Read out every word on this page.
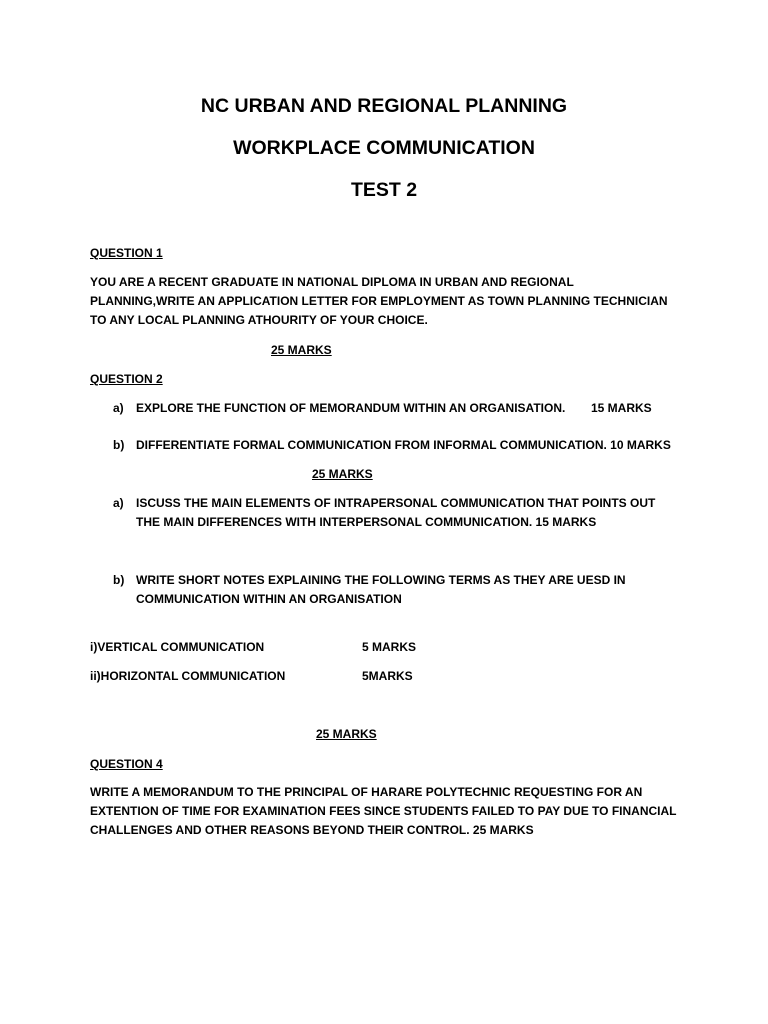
NC URBAN AND REGIONAL PLANNING
WORKPLACE COMMUNICATION
TEST 2
QUESTION 1
YOU ARE A RECENT GRADUATE IN NATIONAL DIPLOMA IN URBAN AND REGIONAL PLANNING,WRITE AN APPLICATION LETTER FOR EMPLOYMENT AS TOWN PLANNING TECHNICIAN TO ANY LOCAL PLANNING ATHOURITY OF YOUR CHOICE.
25 MARKS
QUESTION 2
a) EXPLORE THE FUNCTION OF MEMORANDUM WITHIN AN ORGANISATION. 15 MARKS
b) DIFFERENTIATE FORMAL COMMUNICATION FROM INFORMAL COMMUNICATION. 10 MARKS
25 MARKS
a) ISCUSS THE MAIN ELEMENTS OF INTRAPERSONAL COMMUNICATION THAT POINTS OUT THE MAIN DIFFERENCES WITH INTERPERSONAL COMMUNICATION. 15 MARKS
b) WRITE SHORT NOTES EXPLAINING THE FOLLOWING TERMS AS THEY ARE UESD IN COMMUNICATION WITHIN AN ORGANISATION
i)VERTICAL COMMUNICATION	5 MARKS
ii)HORIZONTAL COMMUNICATION	5MARKS
25 MARKS
QUESTION 4
WRITE A MEMORANDUM TO THE PRINCIPAL OF HARARE POLYTECHNIC REQUESTING FOR AN EXTENTION OF TIME FOR EXAMINATION FEES SINCE STUDENTS FAILED TO PAY DUE TO FINANCIAL CHALLENGES AND OTHER REASONS BEYOND THEIR CONTROL. 25 MARKS
